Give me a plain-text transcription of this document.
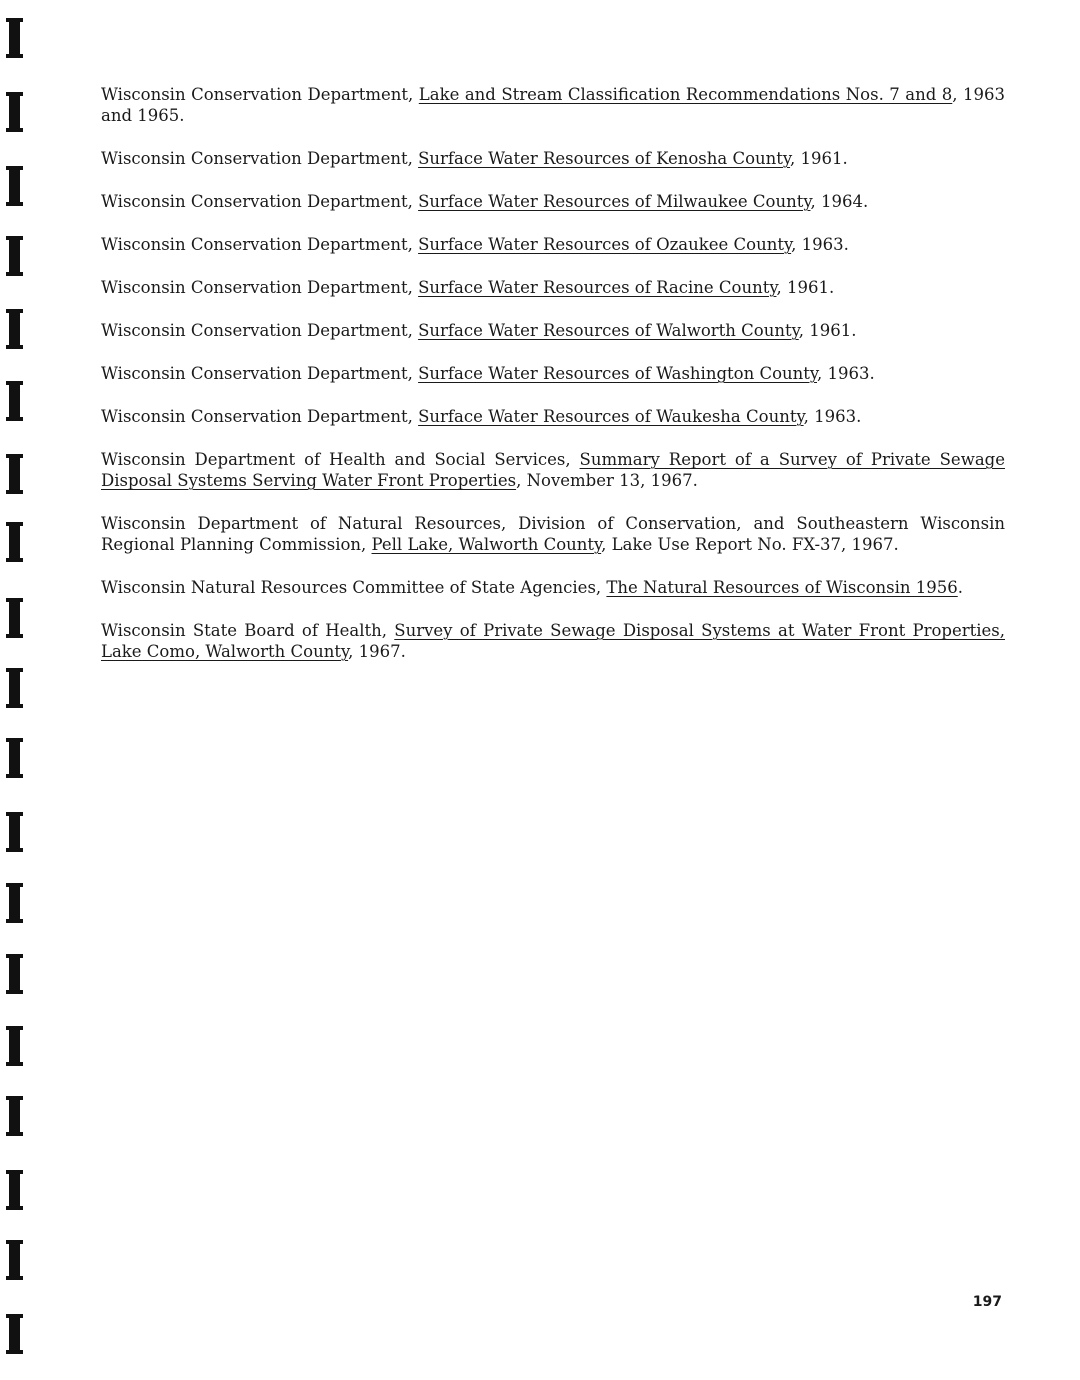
Wisconsin Conservation Department, Lake and Stream Classification Recommendations Nos. 7 and 8, 1963 and 1965.
Wisconsin Conservation Department, Surface Water Resources of Kenosha County, 1961.
Wisconsin Conservation Department, Surface Water Resources of Milwaukee County, 1964.
Wisconsin Conservation Department, Surface Water Resources of Ozaukee County, 1963.
Wisconsin Conservation Department, Surface Water Resources of Racine County, 1961.
Wisconsin Conservation Department, Surface Water Resources of Walworth County, 1961.
Wisconsin Conservation Department, Surface Water Resources of Washington County, 1963.
Wisconsin Conservation Department, Surface Water Resources of Waukesha County, 1963.
Wisconsin Department of Health and Social Services, Summary Report of a Survey of Private Sewage Disposal Systems Serving Water Front Properties, November 13, 1967.
Wisconsin Department of Natural Resources, Division of Conservation, and Southeastern Wisconsin Regional Planning Commission, Pell Lake, Walworth County, Lake Use Report No. FX-37, 1967.
Wisconsin Natural Resources Committee of State Agencies, The Natural Resources of Wisconsin 1956.
Wisconsin State Board of Health, Survey of Private Sewage Disposal Systems at Water Front Properties, Lake Como, Walworth County, 1967.
197
